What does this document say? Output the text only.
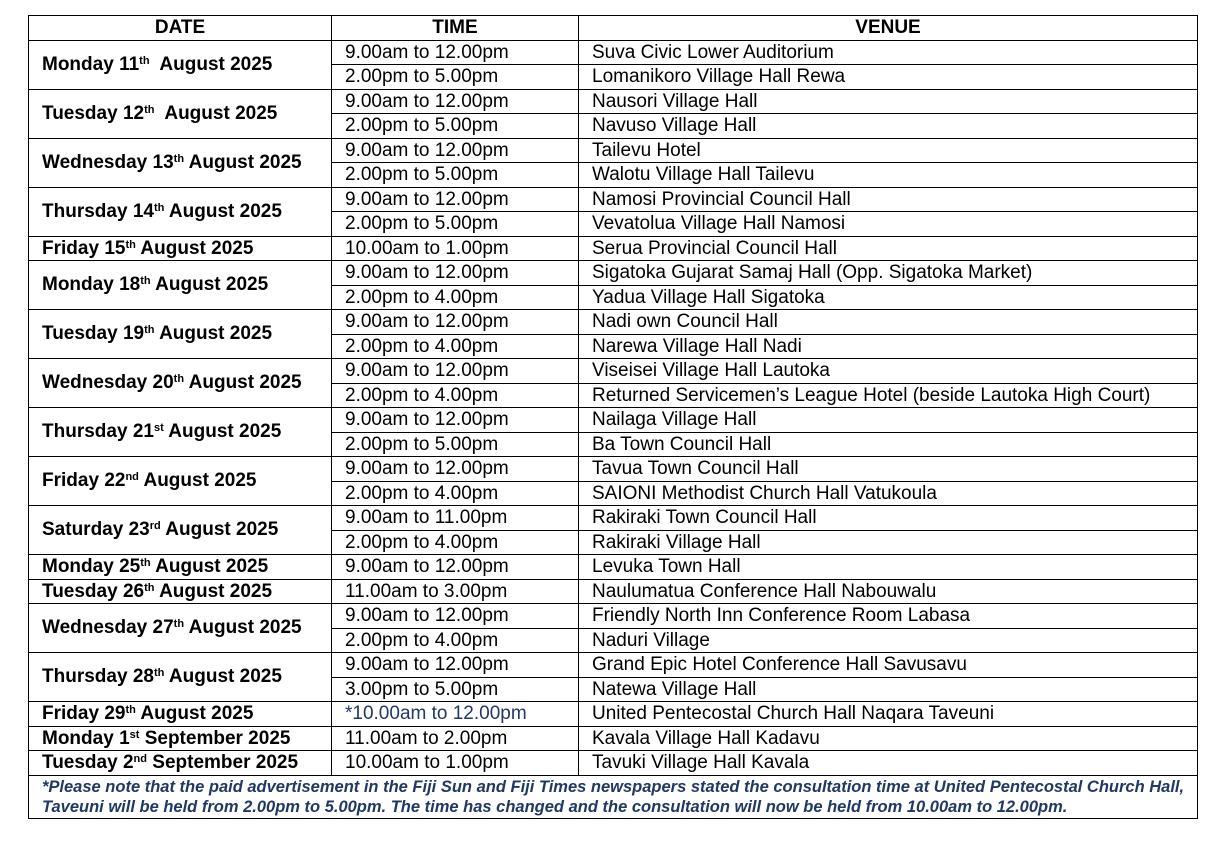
DATE	TIME	VENUE
Monday 11th  August 2025	9.00am to 12.00pm	Suva Civic Lower Auditorium
	2.00pm to 5.00pm	Lomanikoro Village Hall Rewa
Tuesday 12th  August 2025	9.00am to 12.00pm	Nausori Village Hall
	2.00pm to 5.00pm	Navuso Village Hall
Wednesday 13th August 2025	9.00am to 12.00pm	Tailevu Hotel
	2.00pm to 5.00pm	Walotu Village Hall Tailevu
Thursday 14th August 2025	9.00am to 12.00pm	Namosi Provincial Council Hall
	2.00pm to 5.00pm	Vevatolua Village Hall Namosi
Friday 15th August 2025	10.00am to 1.00pm	Serua Provincial Council Hall
Monday 18th August 2025	9.00am to 12.00pm	Sigatoka Gujarat Samaj Hall (Opp. Sigatoka Market)
	2.00pm to 4.00pm	Yadua Village Hall Sigatoka
Tuesday 19th August 2025	9.00am to 12.00pm	Nadi own Council Hall
	2.00pm to 4.00pm	Narewa Village Hall Nadi
Wednesday 20th August 2025	9.00am to 12.00pm	Viseisei Village Hall Lautoka
	2.00pm to 4.00pm	Returned Servicemen’s League Hotel (beside Lautoka High Court)
Thursday 21st August 2025	9.00am to 12.00pm	Nailaga Village Hall
	2.00pm to 5.00pm	Ba Town Council Hall
Friday 22nd August 2025	9.00am to 12.00pm	Tavua Town Council Hall
	2.00pm to 4.00pm	SAIONI Methodist Church Hall Vatukoula
Saturday 23rd August 2025	9.00am to 11.00pm	Rakiraki Town Council Hall
	2.00pm to 4.00pm	Rakiraki Village Hall
Monday 25th August 2025	9.00am to 12.00pm	Levuka Town Hall
Tuesday 26th August 2025	11.00am to 3.00pm	Naulumatua Conference Hall Nabouwalu
Wednesday 27th August 2025	9.00am to 12.00pm	Friendly North Inn Conference Room Labasa
	2.00pm to 4.00pm	Naduri Village
Thursday 28th August 2025	9.00am to 12.00pm	Grand Epic Hotel Conference Hall Savusavu
	3.00pm to 5.00pm	Natewa Village Hall
Friday 29th August 2025	*10.00am to 12.00pm	United Pentecostal Church Hall Naqara Taveuni
Monday 1st September 2025	11.00am to 2.00pm	Kavala Village Hall Kadavu
Tuesday 2nd September 2025	10.00am to 1.00pm	Tavuki Village Hall Kavala
*Please note that the paid advertisement in the Fiji Sun and Fiji Times newspapers stated the consultation time at United Pentecostal Church Hall, Taveuni will be held from 2.00pm to 5.00pm. The time has changed and the consultation will now be held from 10.00am to 12.00pm.		
